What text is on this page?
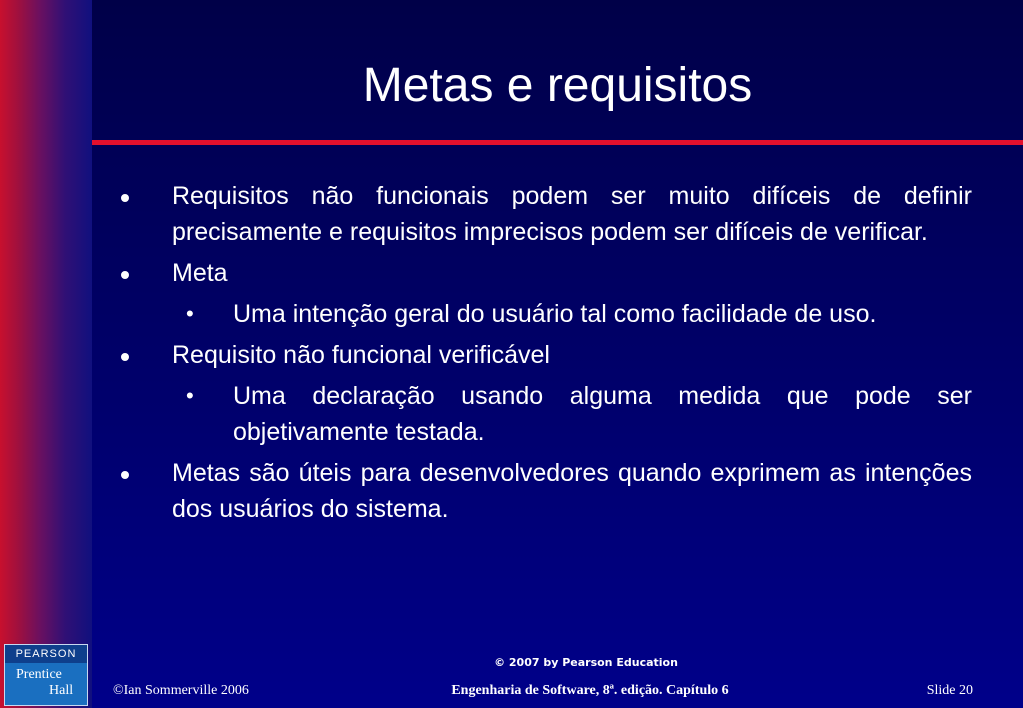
Metas e requisitos
Requisitos não funcionais podem ser muito difíceis de definir precisamente e requisitos imprecisos podem ser difíceis de verificar.
Meta
• Uma intenção geral do usuário tal como facilidade de uso.
Requisito não funcional verificável
• Uma declaração usando alguma medida que pode ser objetivamente testada.
Metas são úteis para desenvolvedores quando exprimem as intenções dos usuários do sistema.
© 2007 by Pearson Education
©Ian Sommerville 2006	Engenharia de Software, 8ª. edição. Capítulo 6	Slide 20
PEARSON
Prentice
Hall
